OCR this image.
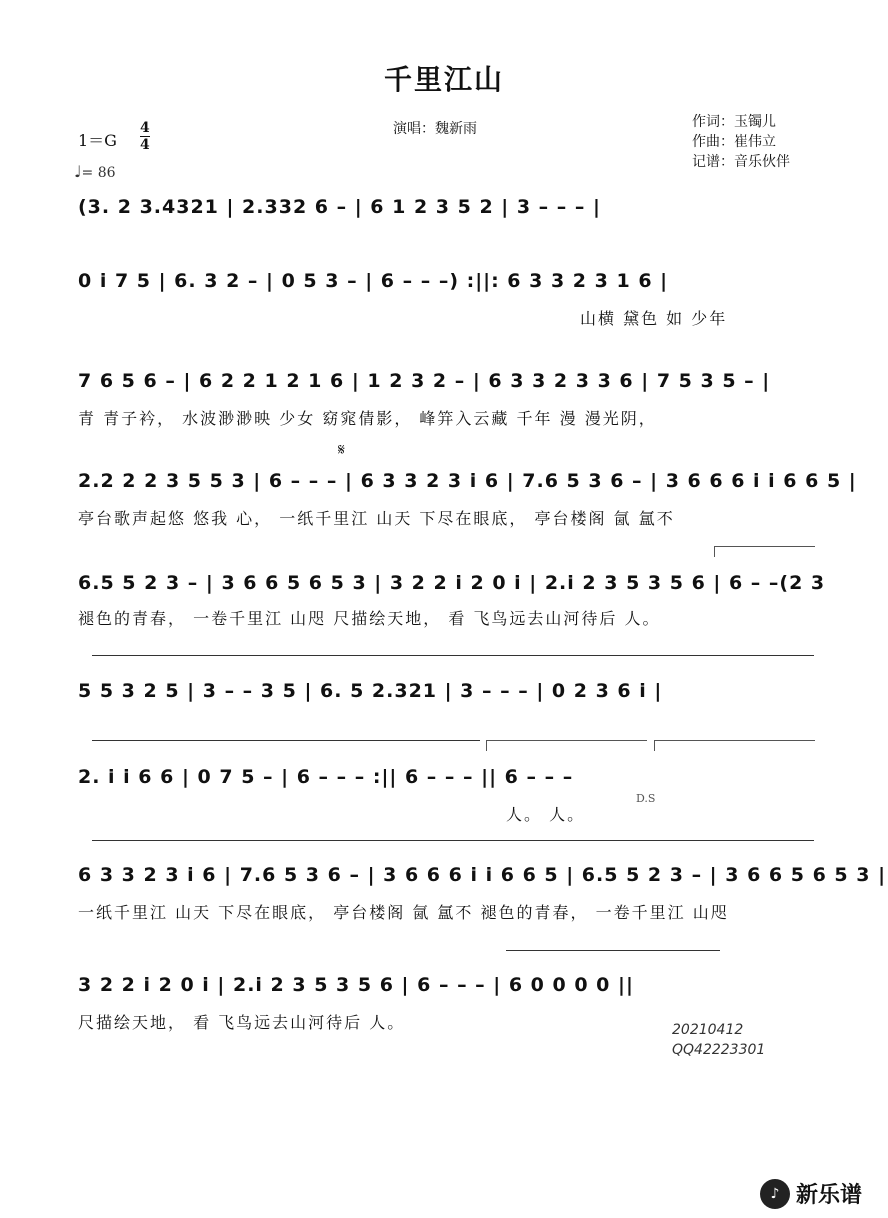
千里江山
演唱：魏新雨	作词：玉镯儿
作曲：崔伟立
记谱：音乐伙伴
1＝G
4
4
♩= 86
(3. 2 3.4321 | 2.332 6 – | 6 1 2 3 5 2 | 3 – – – |
0 i 7 5 | 6. 3 2 – | 0 5 3 – | 6 – – –) :||: 6 3 3 2 3 1 6 |
山横 黛色 如 少年
7 6 5 6 – | 6 2 2 1 2 1 6 | 1 2 3 2 – | 6 3 3 2 3 3 6 | 7 5 3 5 – |
青 青子衿， 水波渺渺映 少女 窈窕倩影， 峰笄入云藏 千年 漫 漫光阴，
𝄋
2.2 2 2 3 5 5 3 | 6 – – – | 6 3 3 2 3 i 6 | 7.6 5 3 6 – | 3 6 6 6 i i 6 6 5 |
亭台歌声起悠 悠我 心， 一纸千里江 山天 下尽在眼底， 亭台楼阁 氤 氲不
6.5 5 2 3 – | 3 6 6 5 6 5 3 | 3 2 2 i 2 0 i | 2.i 2 3 5 3 5 6 | 6 – –(2 3
褪色的青春， 一卷千里江 山咫 尺描绘天地， 看 飞鸟远去山河待后 人。
5 5 3 2 5 | 3 – – 3 5 | 6. 5 2.321 | 3 – – – | 0 2 3 6 i |
2. i i 6 6 | 0 7 5 – | 6 – – – :|| 6 – – – || 6 – – –
D.S
人。 人。
6 3 3 2 3 i 6 | 7.6 5 3 6 – | 3 6 6 6 i i 6 6 5 | 6.5 5 2 3 – | 3 6 6 5 6 5 3 |
一纸千里江 山天 下尽在眼底， 亭台楼阁 氤 氲不 褪色的青春， 一卷千里江 山咫
3 2 2 i 2 0 i | 2.i 2 3 5 3 5 6 | 6 – – – | 6 0 0 0 0 ||
尺描绘天地， 看 飞鸟远去山河待后 人。	20210412
QQ42223301
♪ 新乐谱
